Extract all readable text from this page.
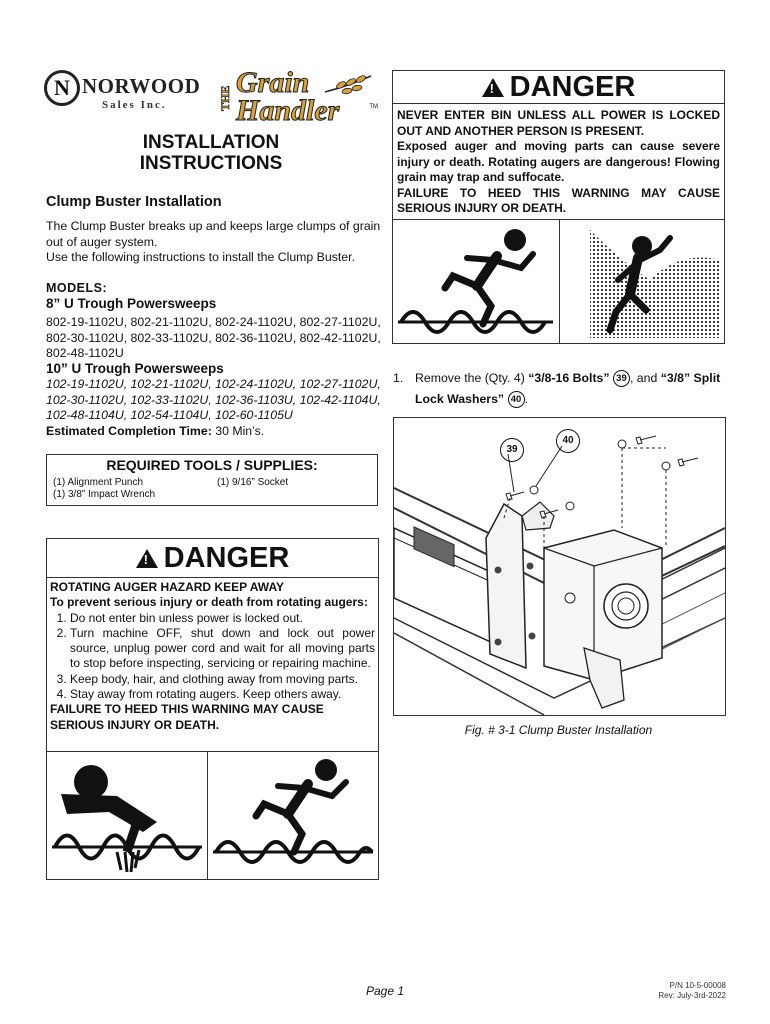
N NORWOOD
Sales Inc.	THE Grain
Handler	TM
INSTALLATION
INSTRUCTIONS
Clump Buster Installation
The Clump Buster breaks up and keeps large clumps of grain out of auger system.
Use the following instructions to install the Clump Buster.
MODELS:
8” U Trough Powersweeps
802-19-1102U, 802-21-1102U, 802-24-1102U, 802-27-1102U, 802-30-1102U, 802-33-1102U, 802-36-1102U, 802-42-1102U, 802-48-1102U
10” U Trough Powersweeps
102-19-1102U, 102-21-1102U, 102-24-1102U, 102-27-1102U, 102-30-1102U, 102-33-1102U, 102-36-1103U, 102-42-1104U, 102-48-1104U, 102-54-1104U, 102-60-1105U
Estimated Completion Time: 30 Min’s.
REQUIRED TOOLS / SUPPLIES:
(1) Alignment Punch
(1) 3/8” Impact Wrench
(1) 9/16” Socket
!
DANGER
ROTATING AUGER HAZARD KEEP AWAY
To prevent serious injury or death from rotating augers:
1. Do not enter bin unless power is locked out.
2. Turn machine OFF, shut down and lock out power source, unplug power cord and wait for all moving parts to stop before inspecting, servicing or repairing machine.
3. Keep body, hair, and clothing away from moving parts.
4. Stay away from rotating augers. Keep others away.
FAILURE TO HEED THIS WARNING MAY CAUSE SERIOUS INJURY OR DEATH.
!
DANGER
NEVER ENTER BIN UNLESS ALL POWER IS LOCKED OUT AND ANOTHER PERSON IS PRESENT.
Exposed auger and moving parts can cause severe injury or death. Rotating augers are dangerous! Flowing grain may trap and suffocate.
FAILURE TO HEED THIS WARNING MAY CAUSE SERIOUS INJURY OR DEATH.
1. Remove the (Qty. 4) “3/8-16 Bolts” 39 , and “3/8” Split Lock Washers” 40 .
39
40
Fig. # 3-1 Clump Buster Installation
Page 1	P/N 10-5-00008
Rev: July-3rd-2022
